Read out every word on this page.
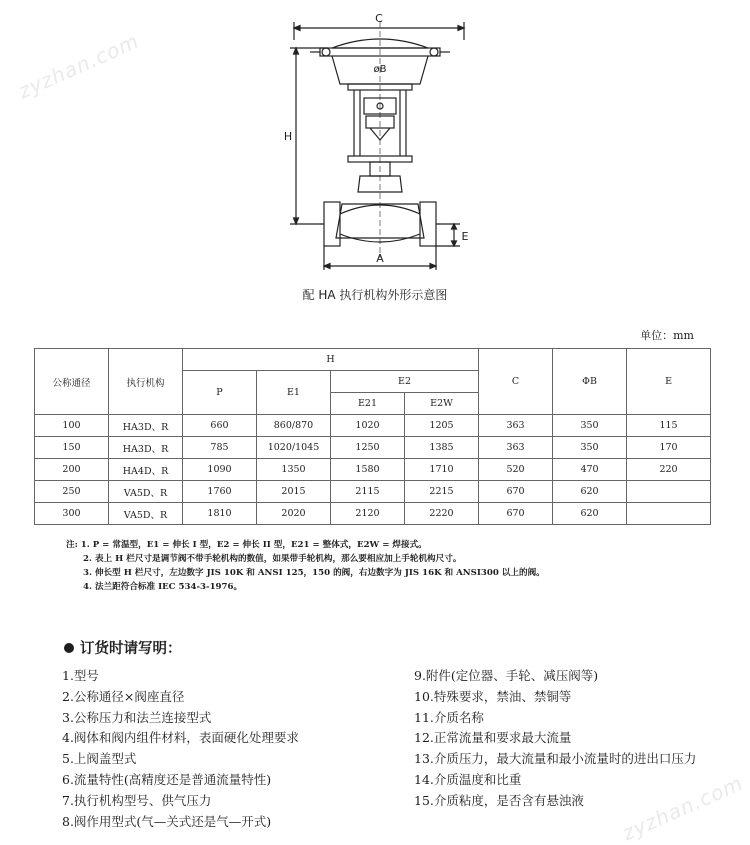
zyzhan.com
zyzhan.com
C
øB
H
E
A
配 HA 执行机构外形示意图
单位：mm
公称通径	执行机构	H				C	ΦB	E
		P	E1	E2				
				E21	E2W			
100	HA3D、R	660	860/870	1020	1205	363	350	115
150	HA3D、R	785	1020/1045	1250	1385	363	350	170
200	HA4D、R	1090	1350	1580	1710	520	470	220
250	VA5D、R	1760	2015	2115	2215	670	620	
300	VA5D、R	1810	2020	2120	2220	670	620	
注: 1. P = 常温型，E1 = 伸长 I 型，E2 = 伸长 II 型，E21 = 整体式，E2W = 焊接式。
2. 表上 H 栏尺寸是调节阀不带手轮机构的数值，如果带手轮机构，那么要相应加上手轮机构尺寸。
3. 伸长型 H 栏尺寸，左边数字 JIS 10K 和 ANSI 125，150 的阀，右边数字为 JIS 16K 和 ANSI300 以上的阀。
4. 法兰距符合标准 IEC 534-3-1976。
订货时请写明：
1.型号
2.公称通径×阀座直径
3.公称压力和法兰连接型式
4.阀体和阀内组件材料，表面硬化处理要求
5.上阀盖型式
6.流量特性(高精度还是普通流量特性)
7.执行机构型号、供气压力
8.阀作用型式(气—关式还是气—开式)
9.附件(定位器、手轮、减压阀等)
10.特殊要求，禁油、禁铜等
11.介质名称
12.正常流量和要求最大流量
13.介质压力，最大流量和最小流量时的进出口压力
14.介质温度和比重
15.介质粘度，是否含有悬浊液
